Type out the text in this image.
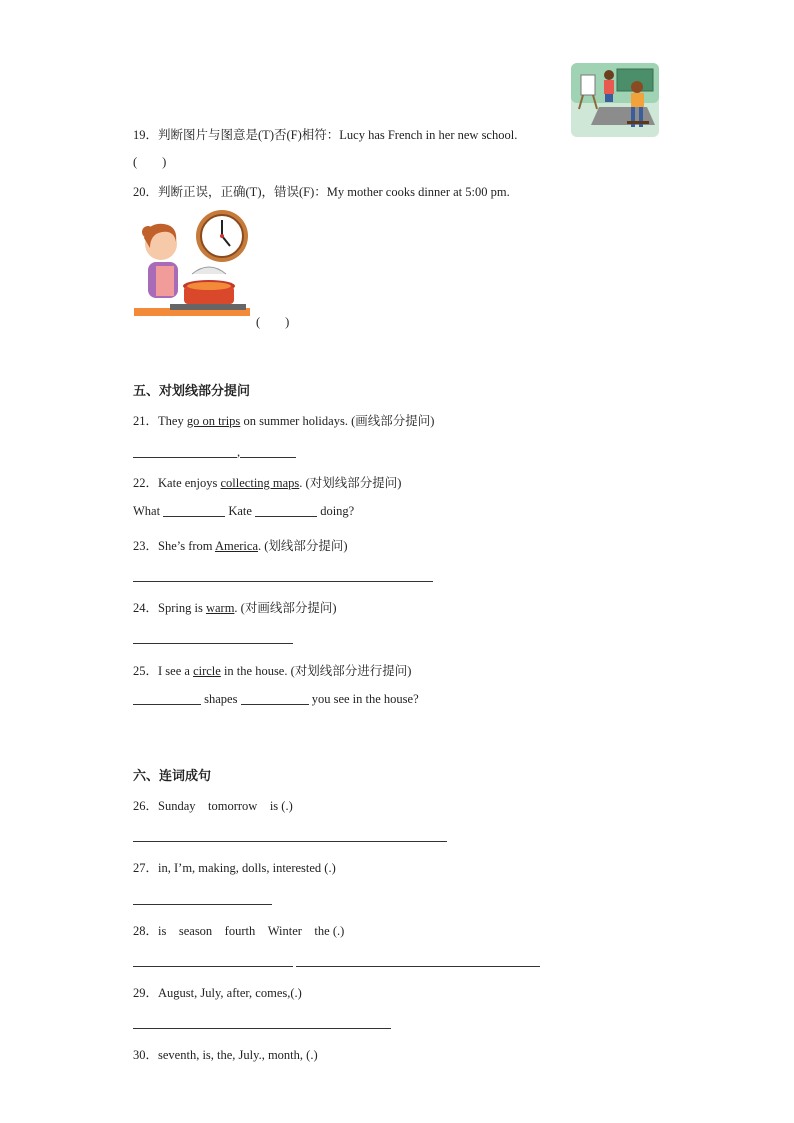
19．判断图片与图意是(T)否(F)相符：Lucy has French in her new school.
(　　)
20．判断正误，正确(T)，错误(F)：My mother cooks dinner at 5:00 pm.
(　　)
五、对划线部分提问
21．They go on trips on summer holidays. (画线部分提问)
,
22．Kate enjoys collecting maps. (对划线部分提问)
What	Kate	doing?
23．She’s from America. (划线部分提问)
24．Spring is warm. (对画线部分提问)
25．I see a circle in the house. (对划线部分进行提问)
shapes	you see in the house?
六、连词成句
26．Sunday　tomorrow　is (.)
27．in, I’m, making, dolls, interested (.)
28．is　season　fourth　Winter　the (.)
29．August, July, after, comes,(.)
30．seventh, is, the, July., month, (.)
